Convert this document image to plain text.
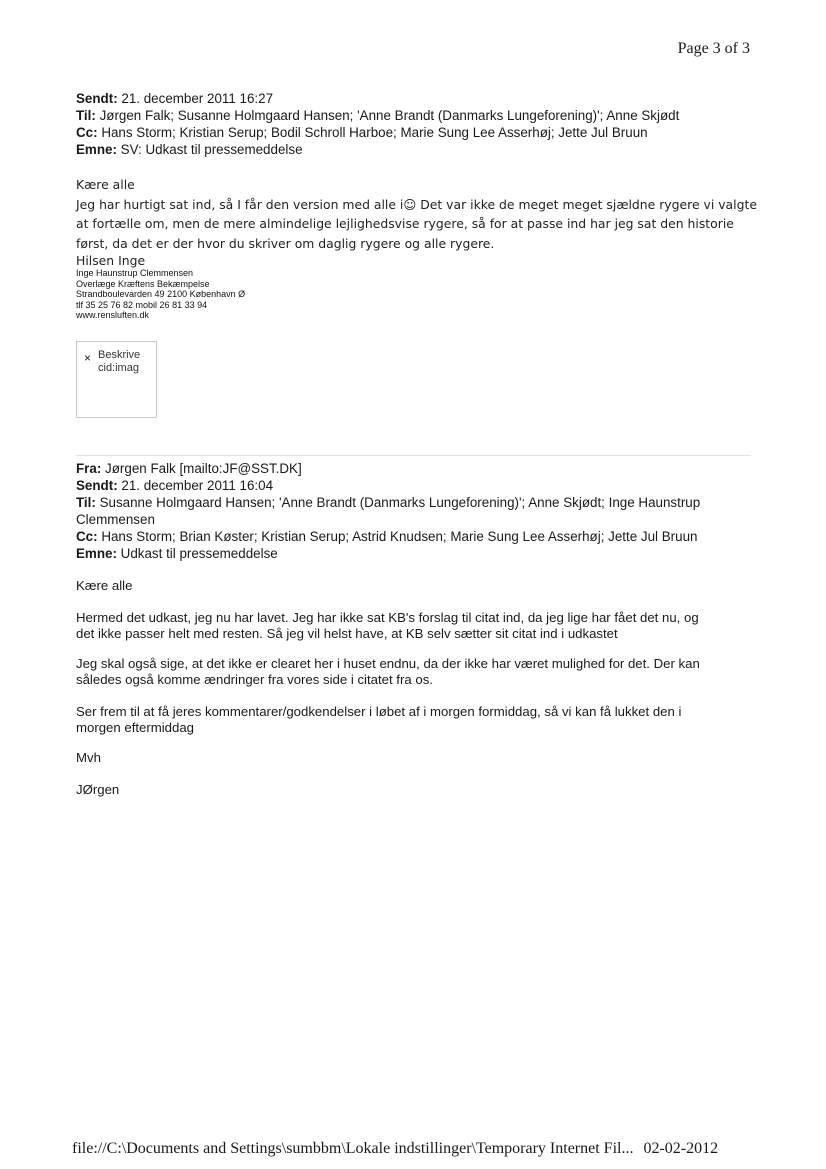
Page 3 of 3
Sendt: 21. december 2011 16:27
Til: Jørgen Falk; Susanne Holmgaard Hansen; 'Anne Brandt (Danmarks Lungeforening)'; Anne Skjødt
Cc: Hans Storm; Kristian Serup; Bodil Schroll Harboe; Marie Sung Lee Asserhøj; Jette Jul Bruun
Emne: SV: Udkast til pressemeddelse
Kære alle
Jeg har hurtigt sat ind, så I får den version med alle i☺ Det var ikke de meget meget sjældne rygere vi valgte
at fortælle om, men de mere almindelige lejlighedsvise rygere, så for at passe ind har jeg sat den historie
først, da det er der hvor du skriver om daglig rygere og alle rygere.
Hilsen Inge
Inge Haunstrup Clemmensen
Overlæge Kræftens Bekæmpelse
Strandboulevarden 49 2100 København Ø
tlf 35 25 76 82 mobil 26 81 33 94
www.rensluften.dk
× Beskrive
cid:imag
Fra: Jørgen Falk [mailto:JF@SST.DK]
Sendt: 21. december 2011 16:04
Til: Susanne Holmgaard Hansen; 'Anne Brandt (Danmarks Lungeforening)'; Anne Skjødt; Inge Haunstrup
Clemmensen
Cc: Hans Storm; Brian Køster; Kristian Serup; Astrid Knudsen; Marie Sung Lee Asserhøj; Jette Jul Bruun
Emne: Udkast til pressemeddelse
Kære alle
Hermed det udkast, jeg nu har lavet. Jeg har ikke sat KB's forslag til citat ind, da jeg lige har fået det nu, og
det ikke passer helt med resten. Så jeg vil helst have, at KB selv sætter sit citat ind i udkastet
Jeg skal også sige, at det ikke er clearet her i huset endnu, da der ikke har været mulighed for det. Der kan
således også komme ændringer fra vores side i citatet fra os.
Ser frem til at få jeres kommentarer/godkendelser i løbet af i morgen formiddag, så vi kan få lukket den i
morgen eftermiddag
Mvh
JØrgen
file://C:\Documents and Settings\sumbbm\Lokale indstillinger\Temporary Internet Fil... 02-02-2012
